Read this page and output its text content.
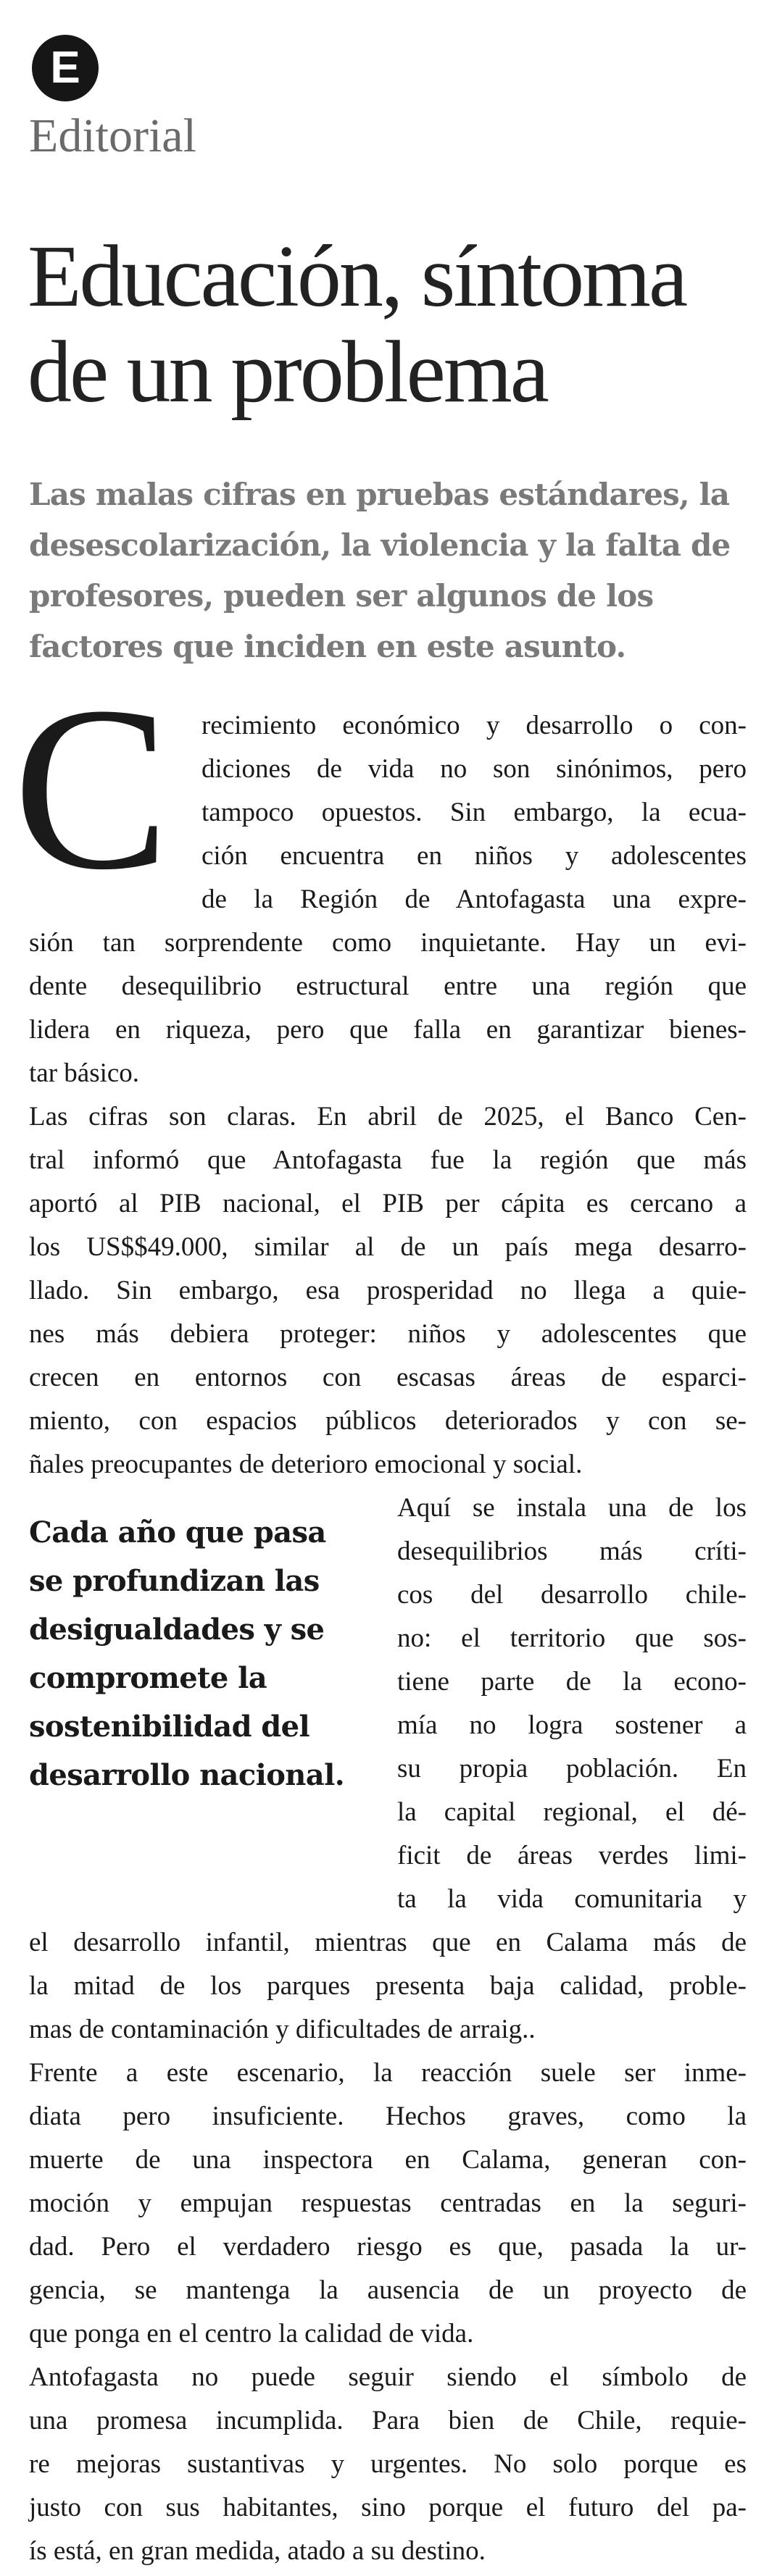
E
Editorial
Educación, síntoma
de un problema

Las malas cifras en pruebas estándares, la

desescolarización, la violencia y la falta de

profesores, pueden ser algunos de los

factores que inciden en este asunto.

C recimiento económico y desarrollo o con-
diciones de vida no son sinónimos, pero
tampoco opuestos. Sin embargo, la ecua-
ción encuentra en niños y adolescentes
de la Región de Antofagasta una expre-
sión tan sorprendente como inquietante. Hay un evi-
dente desequilibrio estructural entre una región que
lidera en riqueza, pero que falla en garantizar bienes-
tar básico.
Las cifras son claras. En abril de 2025, el Banco Cen-
tral informó que Antofagasta fue la región que más
aportó al PIB nacional, el PIB per cápita es cercano a
los US$$49.000, similar al de un país mega desarro-
llado. Sin embargo, esa prosperidad no llega a quie-
nes más debiera proteger: niños y adolescentes que
crecen en entornos con escasas áreas de esparci-
miento, con espacios públicos deteriorados y con se-
ñales preocupantes de deterioro emocional y social.
Aquí se instala una de los
desequilibrios más críti-
cos del desarrollo chile-
no: el territorio que sos-
tiene parte de la econo-
mía no logra sostener a
su propia población. En
la capital regional, el dé-
ficit de áreas verdes limi-
ta la vida comunitaria y
el desarrollo infantil, mientras que en Calama más de
la mitad de los parques presenta baja calidad, proble-
mas de contaminación y dificultades de arraig..
Frente a este escenario, la reacción suele ser inme-
diata pero insuficiente. Hechos graves, como la
muerte de una inspectora en Calama, generan con-
moción y empujan respuestas centradas en la seguri-
dad. Pero el verdadero riesgo es que, pasada la ur-
gencia, se mantenga la ausencia de un proyecto de
que ponga en el centro la calidad de vida.
Antofagasta no puede seguir siendo el símbolo de
una promesa incumplida. Para bien de Chile, requie-
re mejoras sustantivas y urgentes. No solo porque es
justo con sus habitantes, sino porque el futuro del pa-
ís está, en gran medida, atado a su destino.

Cada año que pasa

se profundizan las

desigualdades y se

compromete la

sostenibilidad del

desarrollo nacional.
